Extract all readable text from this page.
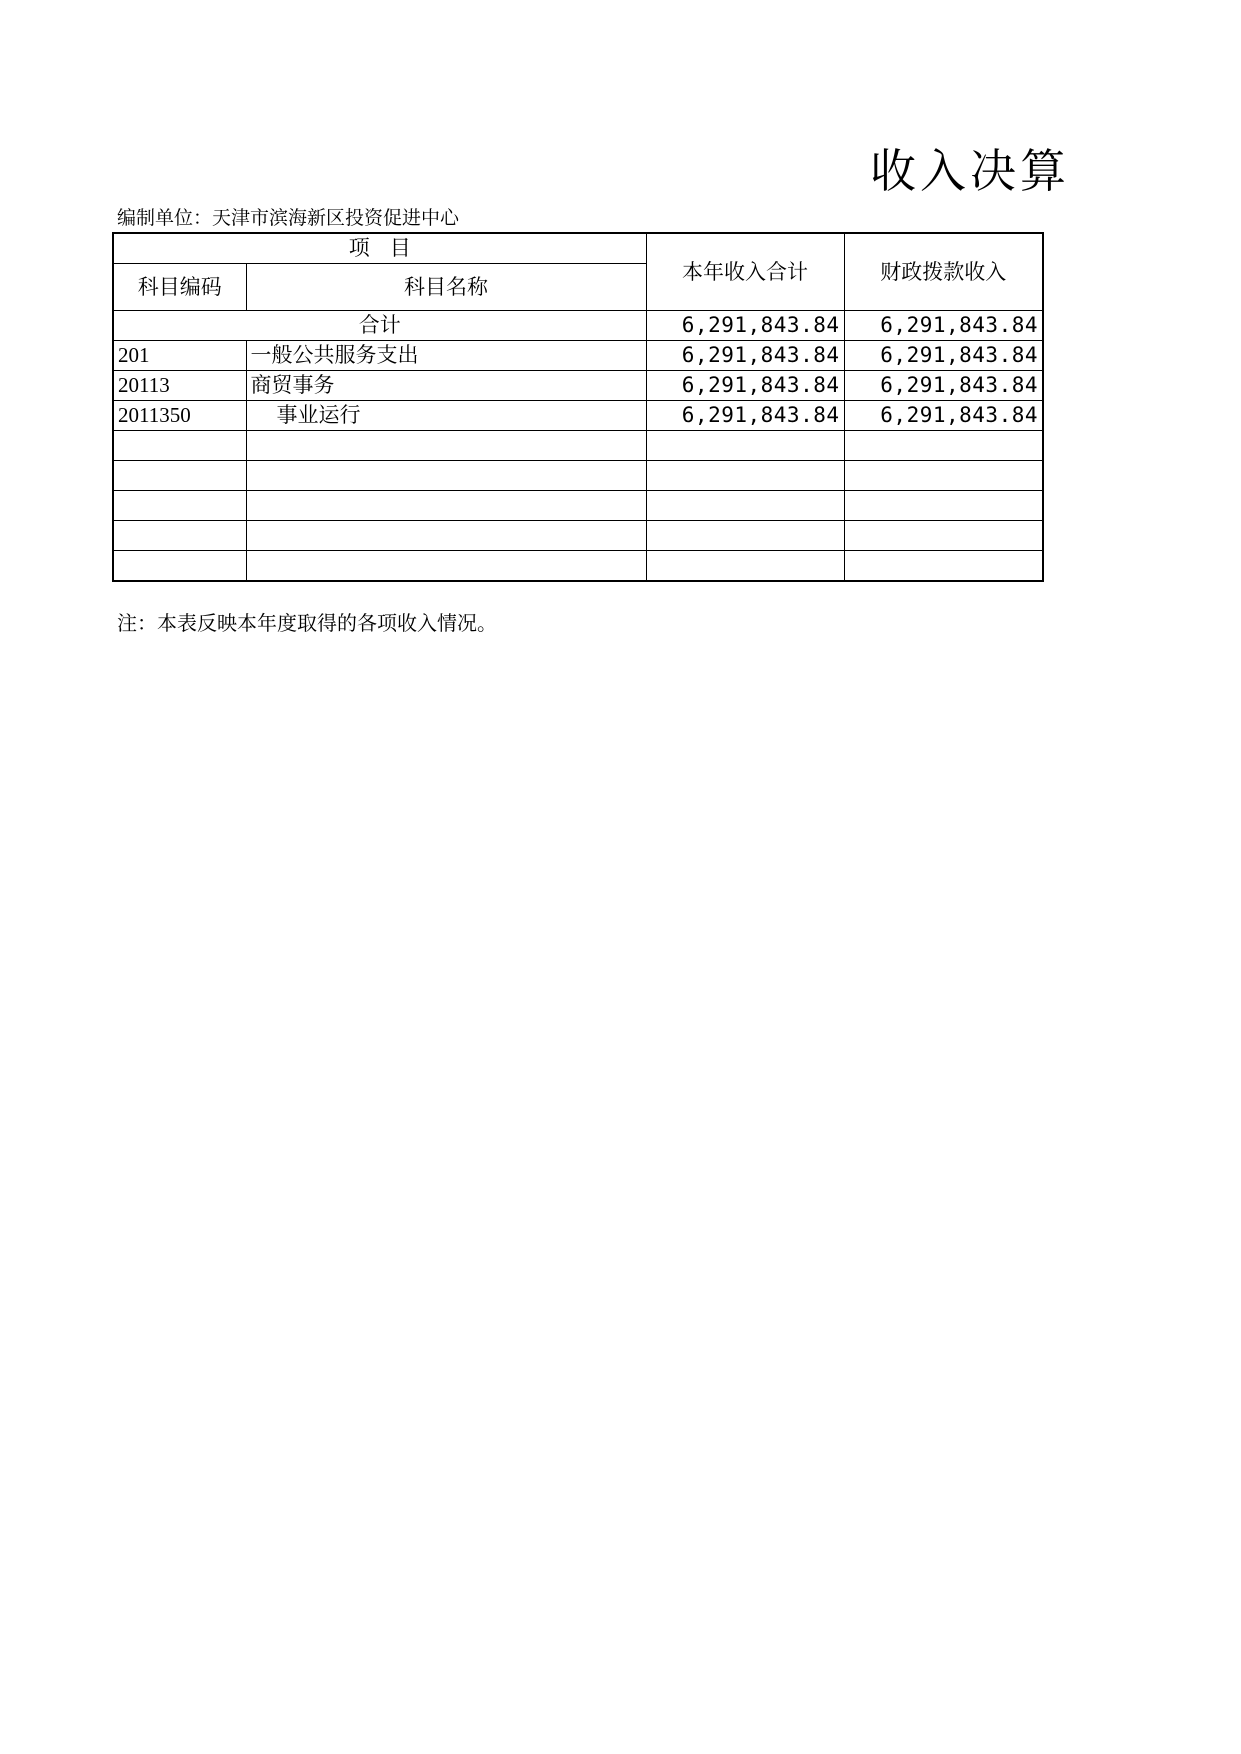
收入决算
编制单位：天津市滨海新区投资促进中心
项   目		本年收入合计	财政拨款收入
科目编码	科目名称		
合计		6,291,843.84	6,291,843.84
201	一般公共服务支出	6,291,843.84	6,291,843.84
20113	商贸事务	6,291,843.84	6,291,843.84
2011350	事业运行	6,291,843.84	6,291,843.84

注：本表反映本年度取得的各项收入情况。
